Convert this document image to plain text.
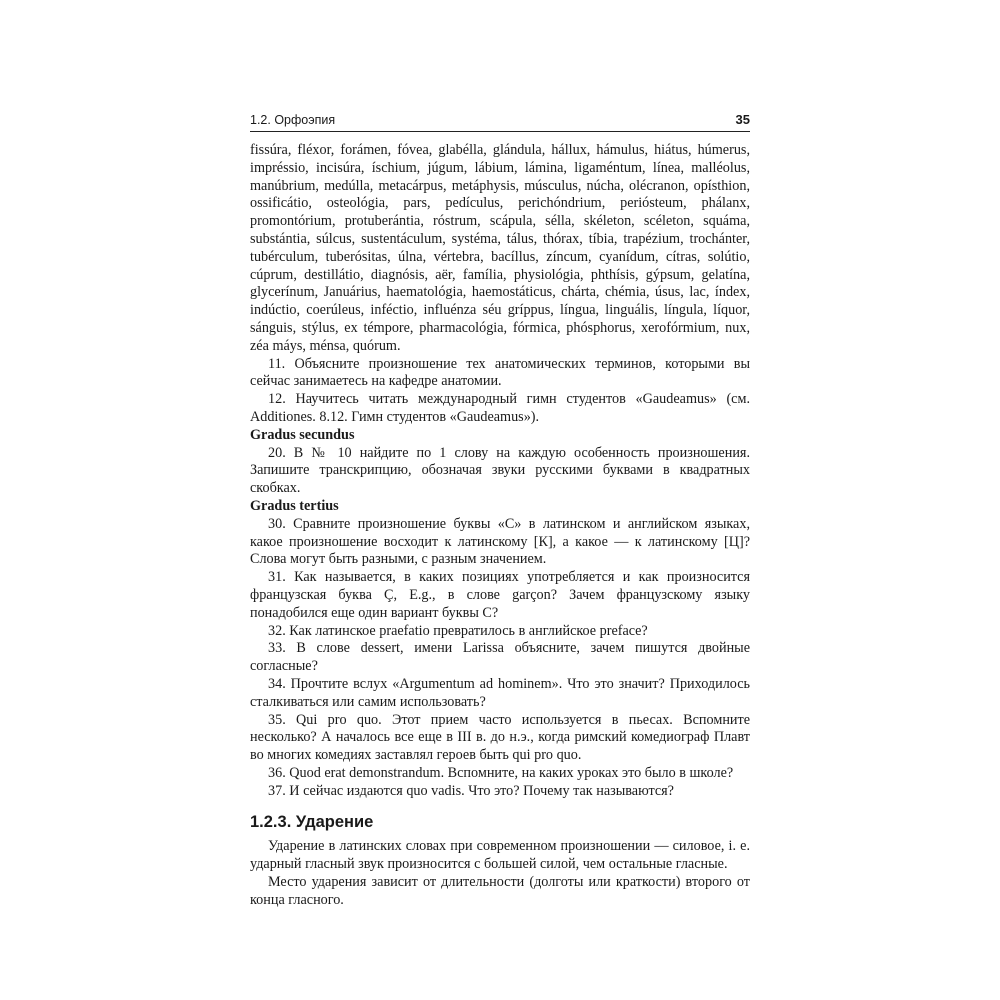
1.2. Орфоэпия	35

fissúra, fléxor, forámen, fóvea, glabélla, glándula, hállux, hámulus, hiátus, húmerus, impréssio, incisúra, íschium, júgum, lábium, lámina, ligaméntum, línea, malléolus, manúbrium, medúlla, metacárpus, metáphysis, músculus, núcha, olécranon, opísthion, ossificátio, osteológia, pars, pedículus, perichóndrium, perióstеum, phálanx, promontórium, protuberántia, róstrum, scápula, sélla, skéleton, scéleton, squáma, substántia, súlcus, sustentáculum, systéma, tálus, thórax, tíbia, trapézium, trochánter, tubérculum, tuberósitas, úlna, vértebra, bacíllus, zíncum, cyanídum, cítras, solútio, cúprum, destillátio, diagnósis, aёr, família, physiológia, phthísis, gýpsum, gelatína, glycerínum, Januárius, haematológia, haemostáticus, chárta, chémia, úsus, lac, índex, indúctio, coerúleus, inféctio, influénza séu gríppus, língua, linguális, língula, líquor, sánguis, stýlus, ex témpore, pharmacológia, fórmica, phósphorus, xerofórmium, nux, zéa máys, ménsa, quórum.

11. Объясните произношение тех анатомических терминов, которыми вы сейчас занимаетесь на кафедре анатомии.

12. Научитесь читать международный гимн студентов «Gaudeamus» (см. Additiones. 8.12. Гимн студентов «Gaudeamus»).

Gradus secundus

20. В № 10 найдите по 1 слову на каждую особенность произношения. Запишите транскрипцию, обозначая звуки русскими буквами в квадратных скобках.

Gradus tertius

30. Сравните произношение буквы «С» в латинском и английском языках, какое произношение восходит к латинскому [К], а какое — к латинскому [Ц]? Слова могут быть разными, с разным значением.

31. Как называется, в каких позициях употребляется и как произносится французская буква Ç, E.g., в слове garçon? Зачем французскому языку понадобился еще один вариант буквы С?

32. Как латинское praefatio превратилось в английское preface?

33. В слове dessert, имени Larissa объясните, зачем пишутся двойные согласные?

34. Прочтите вслух «Argumentum ad hominem». Что это значит? Приходилось сталкиваться или самим использовать?

35. Qui pro quo. Этот прием часто используется в пьесах. Вспомните несколько? А началось все еще в III в. до н.э., когда римский комедиограф Плавт во многих комедиях заставлял героев быть qui pro quo.

36. Quod erat demonstrandum. Вспомните, на каких уроках это было в школе?

37. И сейчас издаются quo vadis. Что это? Почему так называются?

1.2.3. Ударение

Ударение в латинских словах при современном произношении — силовое, i. e. ударный гласный звук произносится с большей силой, чем остальные гласные.

Место ударения зависит от длительности (долготы или краткости) второго от конца гласного.
